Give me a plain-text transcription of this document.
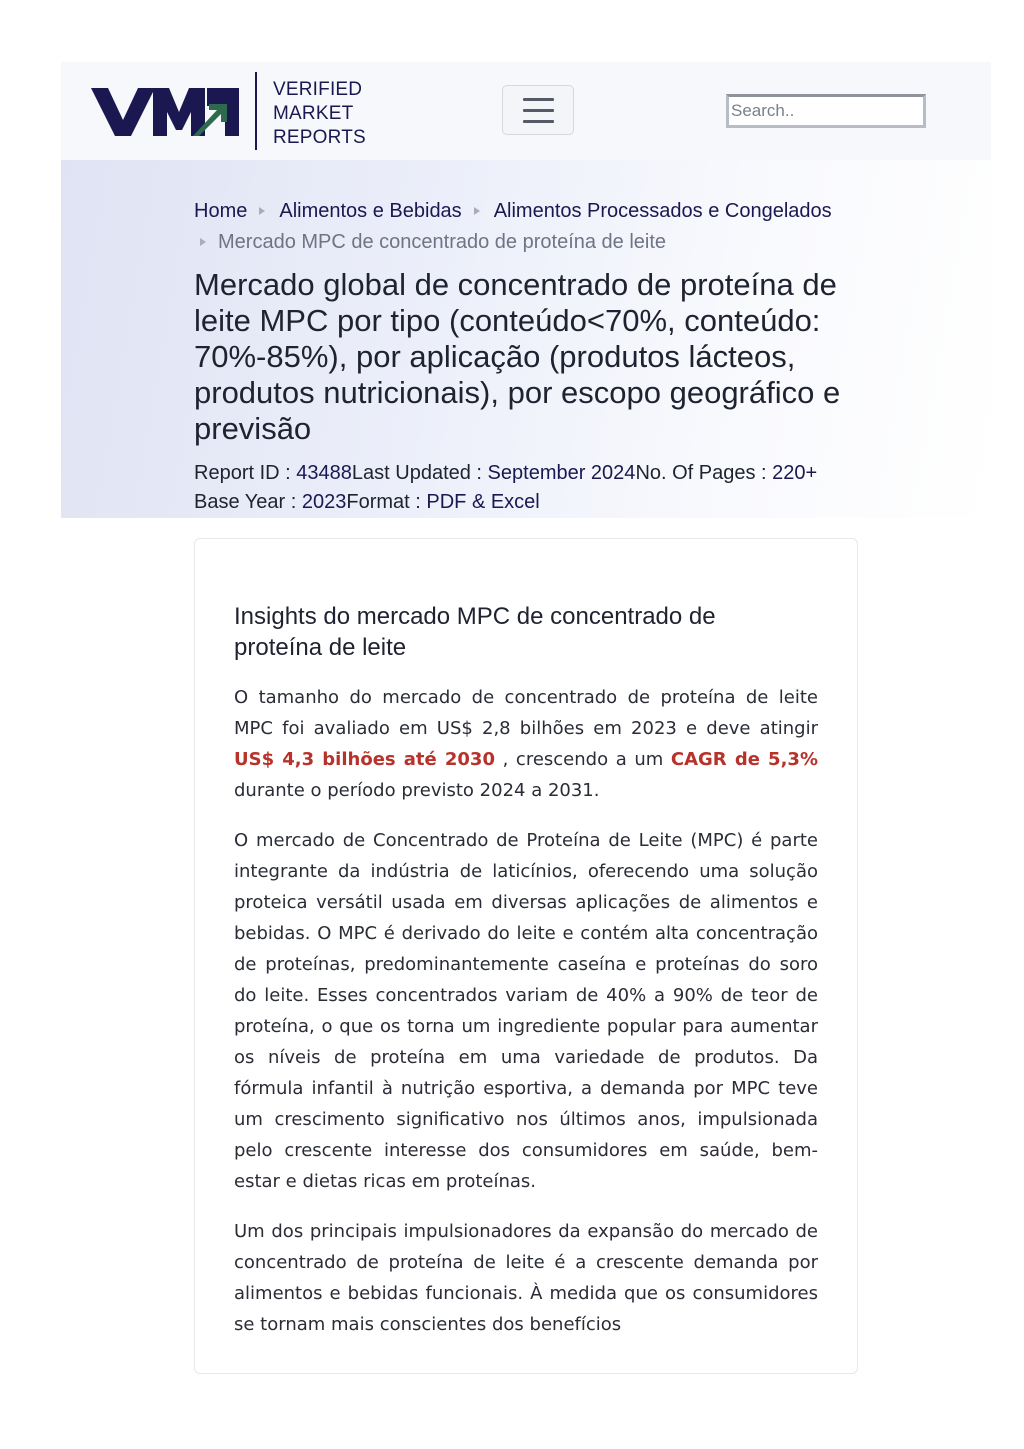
VERIFIED
MARKET
REPORTS
Search..
Home Alimentos e Bebidas Alimentos Processados e Congelados
Mercado MPC de concentrado de proteína de leite
Mercado global de concentrado de proteína de leite MPC por tipo (conteúdo<70%, conteúdo: 70%-85%), por aplicação (produtos lácteos, produtos nutricionais), por escopo geográfico e previsão
Report ID : 43488Last Updated : September 2024No. Of Pages : 220+
Base Year : 2023Format : PDF & Excel
Insights do mercado MPC de concentrado de proteína de leite

O tamanho do mercado de concentrado de proteína de leite MPC foi avaliado em US$ 2,8 bilhões em 2023 e deve atingir US$ 4,3 bilhões até 2030 , crescendo a um CAGR de 5,3% durante o período previsto 2024 a 2031.

O mercado de Concentrado de Proteína de Leite (MPC) é parte integrante da indústria de laticínios, oferecendo uma solução proteica versátil usada em diversas aplicações de alimentos e bebidas. O MPC é derivado do leite e contém alta concentração de proteínas, predominantemente caseína e proteínas do soro do leite. Esses concentrados variam de 40% a 90% de teor de proteína, o que os torna um ingrediente popular para aumentar os níveis de proteína em uma variedade de produtos. Da fórmula infantil à nutrição esportiva, a demanda por MPC teve um crescimento significativo nos últimos anos, impulsionada pelo crescente interesse dos consumidores em saúde, bem-estar e dietas ricas em proteínas.

Um dos principais impulsionadores da expansão do mercado de concentrado de proteína de leite é a crescente demanda por alimentos e bebidas funcionais. À medida que os consumidores se tornam mais conscientes dos benefícios
